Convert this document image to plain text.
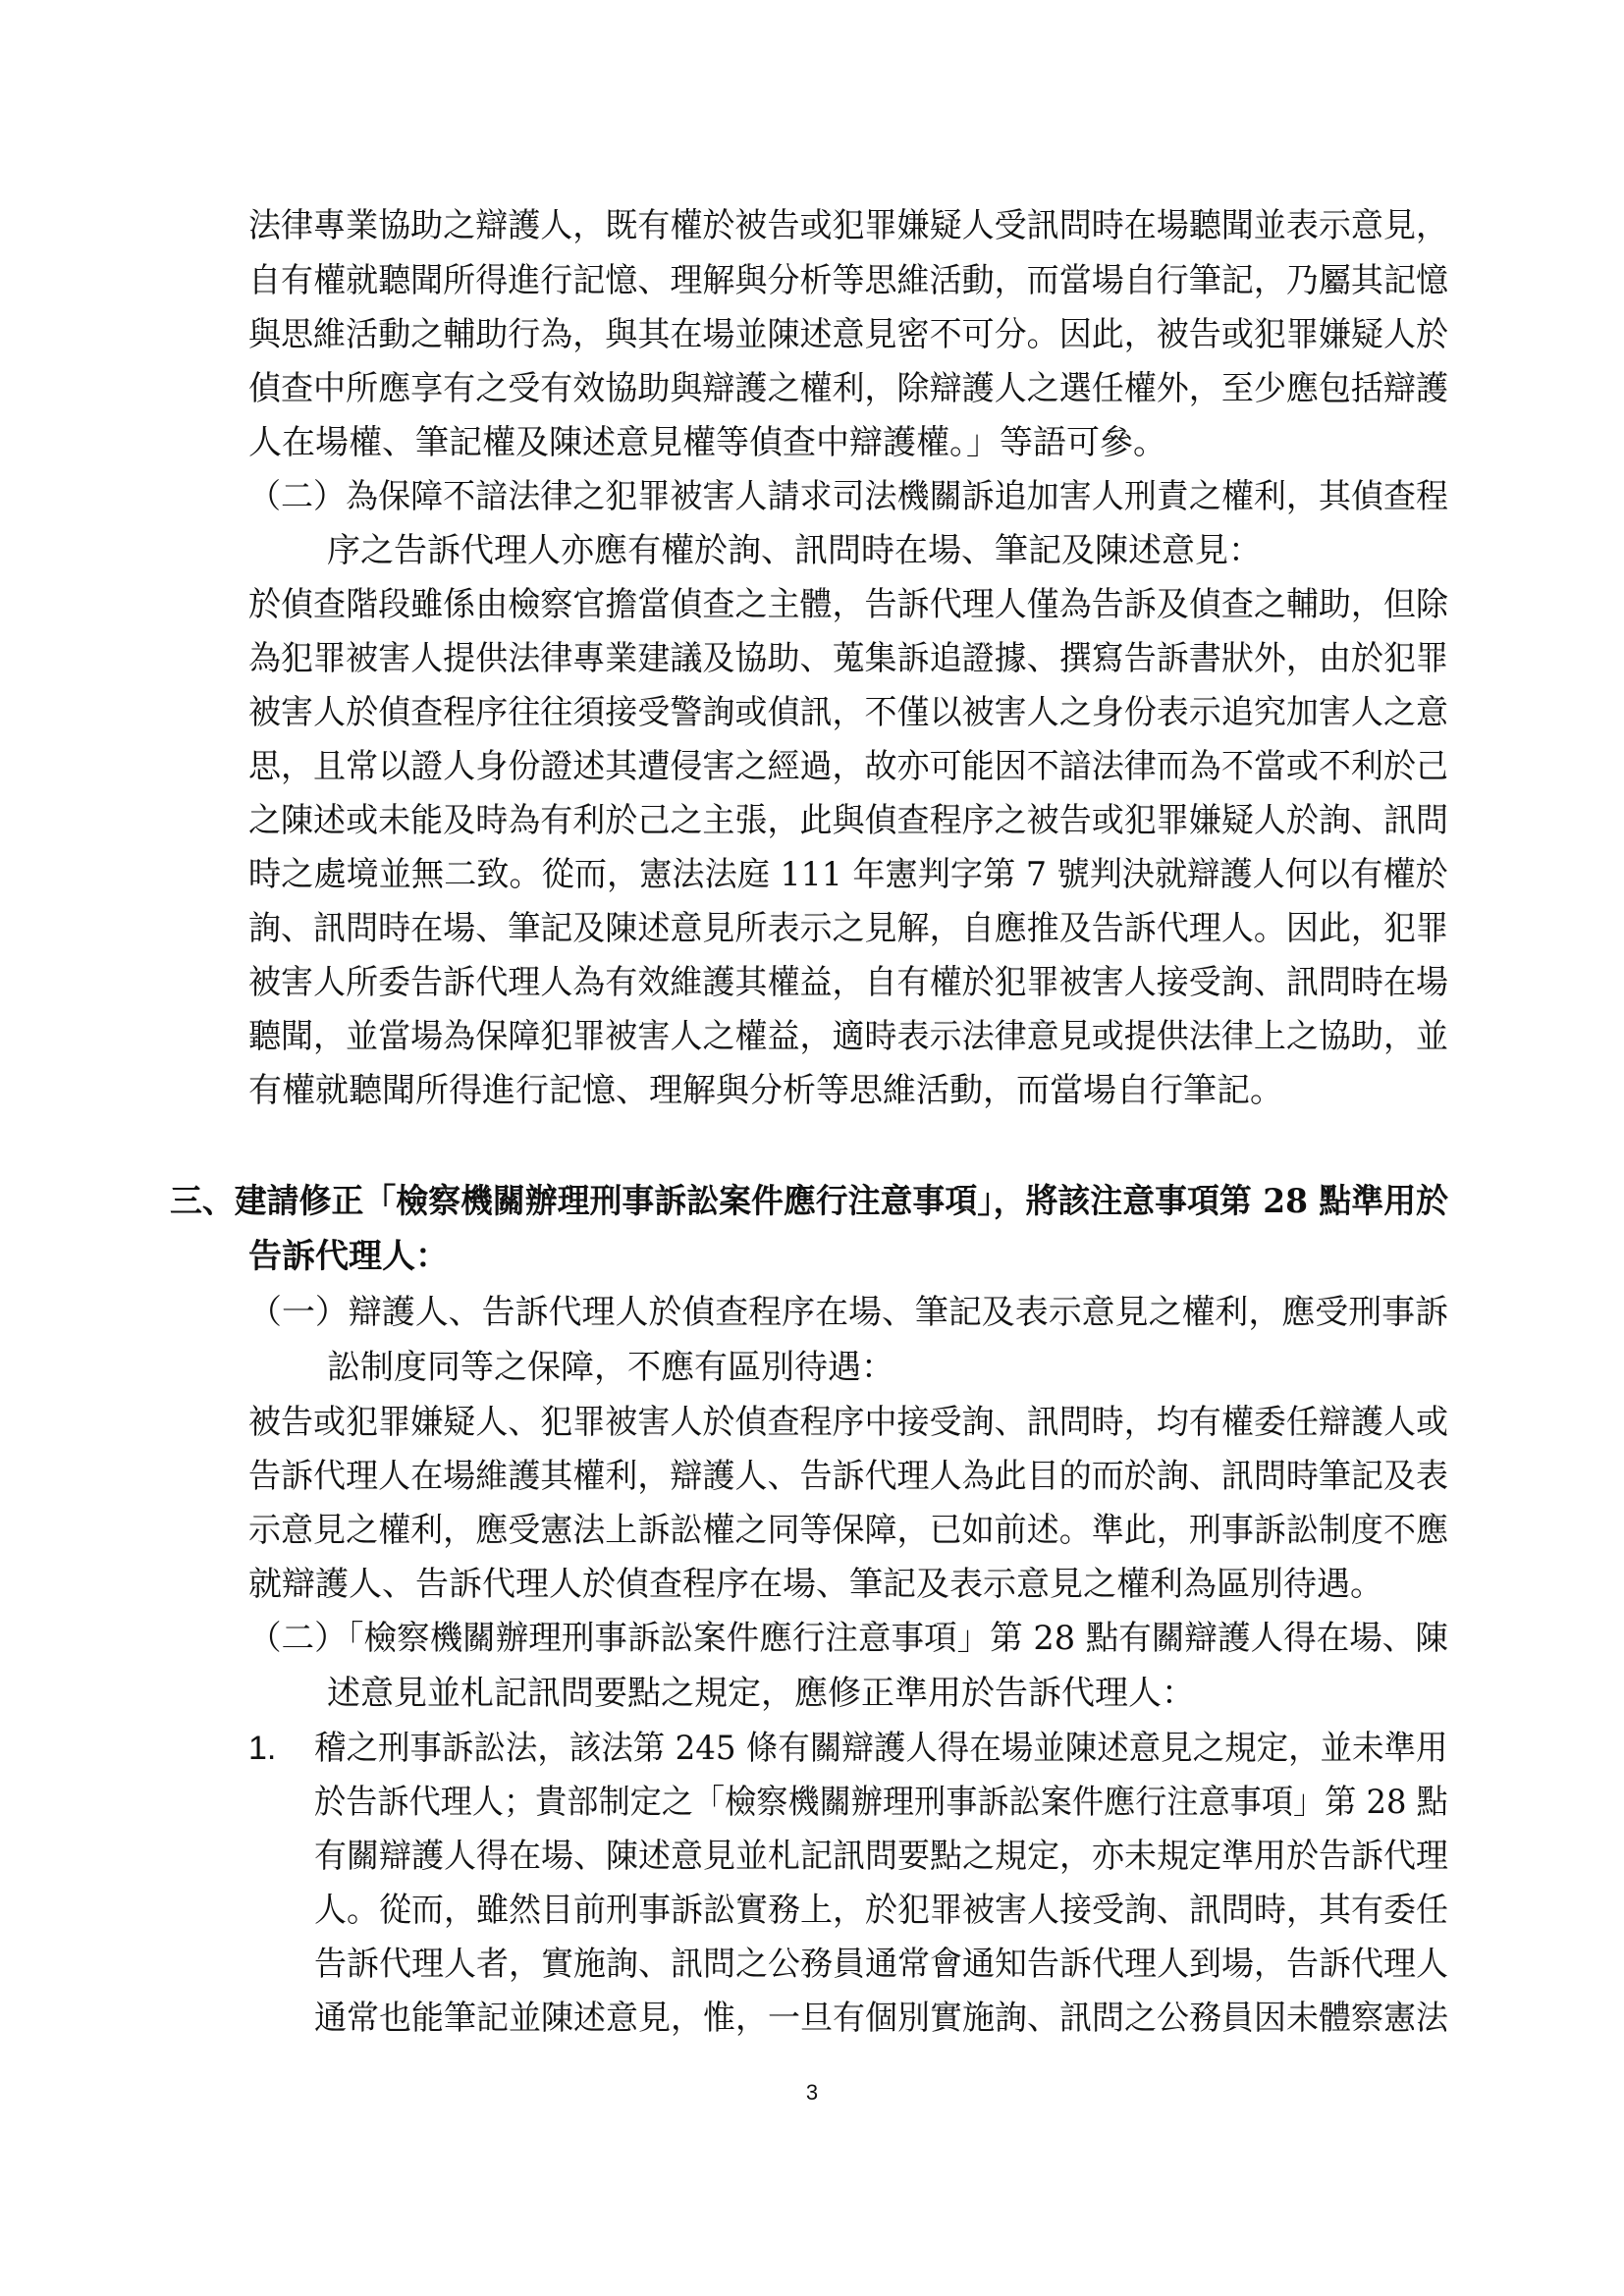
法律專業協助之辯護人，既有權於被告或犯罪嫌疑人受訊問時在場聽聞並表示意見，
自有權就聽聞所得進行記憶、理解與分析等思維活動，而當場自行筆記，乃屬其記憶
與思維活動之輔助行為，與其在場並陳述意見密不可分。因此，被告或犯罪嫌疑人於
偵查中所應享有之受有效協助與辯護之權利，除辯護人之選任權外，至少應包括辯護
人在場權、筆記權及陳述意見權等偵查中辯護權。」等語可參。
（二）為保障不諳法律之犯罪被害人請求司法機關訴追加害人刑責之權利，其偵查程
序之告訴代理人亦應有權於詢、訊問時在場、筆記及陳述意見：
於偵查階段雖係由檢察官擔當偵查之主體，告訴代理人僅為告訴及偵查之輔助，但除
為犯罪被害人提供法律專業建議及協助、蒐集訴追證據、撰寫告訴書狀外，由於犯罪
被害人於偵查程序往往須接受警詢或偵訊，不僅以被害人之身份表示追究加害人之意
思，且常以證人身份證述其遭侵害之經過，故亦可能因不諳法律而為不當或不利於己
之陳述或未能及時為有利於己之主張，此與偵查程序之被告或犯罪嫌疑人於詢、訊問
時之處境並無二致。從而，憲法法庭 111 年憲判字第 7 號判決就辯護人何以有權於
詢、訊問時在場、筆記及陳述意見所表示之見解，自應推及告訴代理人。因此，犯罪
被害人所委告訴代理人為有效維護其權益，自有權於犯罪被害人接受詢、訊問時在場
聽聞，並當場為保障犯罪被害人之權益，適時表示法律意見或提供法律上之協助，並
有權就聽聞所得進行記憶、理解與分析等思維活動，而當場自行筆記。
三、建請修正「檢察機關辦理刑事訴訟案件應行注意事項」，將該注意事項第 28 點準用於
告訴代理人：
（一）辯護人、告訴代理人於偵查程序在場、筆記及表示意見之權利，應受刑事訴
訟制度同等之保障，不應有區別待遇：
被告或犯罪嫌疑人、犯罪被害人於偵查程序中接受詢、訊問時，均有權委任辯護人或
告訴代理人在場維護其權利，辯護人、告訴代理人為此目的而於詢、訊問時筆記及表
示意見之權利，應受憲法上訴訟權之同等保障，已如前述。準此，刑事訴訟制度不應
就辯護人、告訴代理人於偵查程序在場、筆記及表示意見之權利為區別待遇。
（二）「檢察機關辦理刑事訴訟案件應行注意事項」第 28 點有關辯護人得在場、陳
述意見並札記訊問要點之規定，應修正準用於告訴代理人：
1. 稽之刑事訴訟法，該法第 245 條有關辯護人得在場並陳述意見之規定，並未準用
於告訴代理人；貴部制定之「檢察機關辦理刑事訴訟案件應行注意事項」第 28 點
有關辯護人得在場、陳述意見並札記訊問要點之規定，亦未規定準用於告訴代理
人。從而，雖然目前刑事訴訟實務上，於犯罪被害人接受詢、訊問時，其有委任
告訴代理人者，實施詢、訊問之公務員通常會通知告訴代理人到場，告訴代理人
通常也能筆記並陳述意見，惟，一旦有個別實施詢、訊問之公務員因未體察憲法
3
